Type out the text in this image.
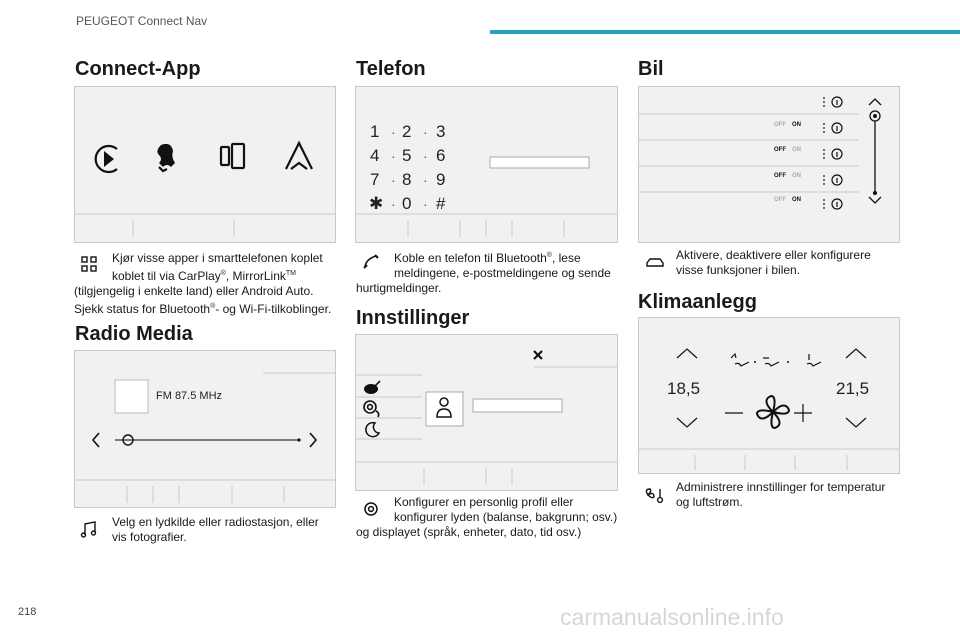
PEUGEOT Connect Nav
Connect-App
Kjør visse apper i smarttelefonen koplet
koblet til via CarPlay®, MirrorLink™
(tilgjengelig i enkelte land) eller Android Auto.
Sjekk status for Bluetooth®- og Wi-Fi-tilkoblinger.
Radio Media
FM 87.5 MHz
Velg en lydkilde eller radiostasjon, eller
vis fotografier.
Telefon
1 · 2 · 3
4 · 5 · 6
7 · 8 · 9
✱ · 0 · #
Koble en telefon til Bluetooth®, lese
meldingene, e-postmeldingene og sende
hurtigmeldinger.
Innstillinger
Konfigurer en personlig profil eller
konfigurer lyden (balanse, bakgrunn; osv.)
og displayet (språk, enheter, dato, tid osv.)
Bil
OFF ON
OFF ON
OFF ON
OFF ON
Aktivere, deaktivere eller konfigurere
visse funksjoner i bilen.
Klimaanlegg
18,5	21,5
Administrere innstillinger for temperatur
og luftstrøm.
218	carmanualsonline.info
